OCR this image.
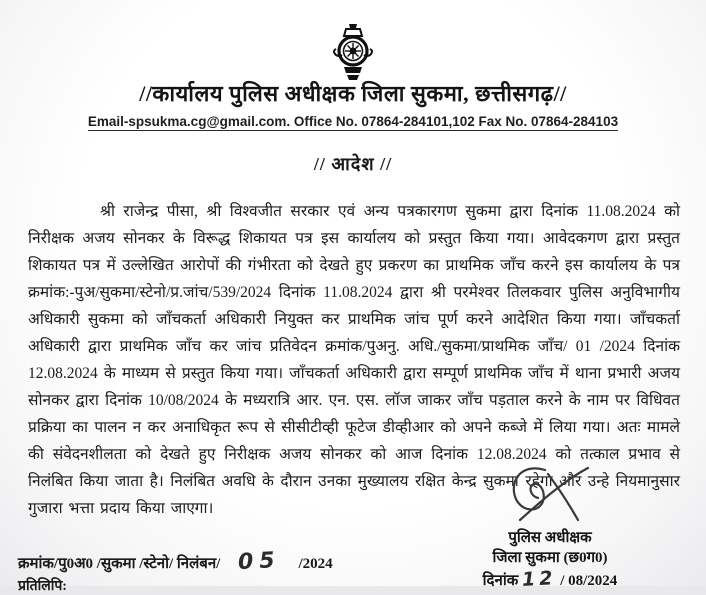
//कार्यालय पुलिस अधीक्षक जिला सुकमा, छत्तीसगढ़//
Email-spsukma.cg@gmail.com. Office No. 07864-284101,102 Fax No. 07864-284103
// आदेश //
श्री राजेन्द्र पीसा, श्री विश्वजीत सरकार एवं अन्य पत्रकारगण सुकमा द्वारा दिनांक 11.08.2024 को निरीक्षक अजय सोनकर के विरूद्ध शिकायत पत्र इस कार्यालय को प्रस्तुत किया गया। आवेदकगण द्वारा प्रस्तुत शिकायत पत्र में उल्लेखित आरोपों की गंभीरता को देखते हुए प्रकरण का प्राथमिक जाँच करने इस कार्यालय के पत्र क्रमांक:-पुअ/सुकमा/स्टेनो/प्र.जांच/539/2024 दिनांक 11.08.2024 द्वारा श्री परमेश्वर तिलकवार पुलिस अनुविभागीय अधिकारी सुकमा को जाँचकर्ता अधिकारी नियुक्त कर प्राथमिक जांच पूर्ण करने आदेशित किया गया। जाँचकर्ता अधिकारी द्वारा प्राथमिक जाँच कर जांच प्रतिवेदन क्रमांक/पुअनु. अधि./सुकमा/प्राथमिक जाँच/ 01 /2024 दिनांक 12.08.2024 के माध्यम से प्रस्तुत किया गया। जाँचकर्ता अधिकारी द्वारा सम्पूर्ण प्राथमिक जाँच में थाना प्रभारी अजय सोनकर द्वारा दिनांक 10/08/2024 के मध्यरात्रि आर. एन. एस. लॉज जाकर जाँच पड़ताल करने के नाम पर विधिवत प्रक्रिया का पालन न कर अनाधिकृत रूप से सीसीटीव्ही फूटेज डीव्हीआर को अपने कब्जे में लिया गया। अतः मामले की संवेदनशीलता को देखते हुए निरीक्षक अजय सोनकर को आज दिनांक 12.08.2024 को तत्काल प्रभाव से निलंबित किया जाता है। निलंबित अवधि के दौरान उनका मुख्यालय रक्षित केन्द्र सुकमा रहेगा और उन्हे नियमानुसार गुजारा भत्ता प्रदाय किया जाएगा।
पुलिस अधीक्षक
जिला सुकमा (छ0ग0)
दिनांक 12 / 08/2024
क्रमांक/पु0अ0 /सुकमा /स्टेनो/ निलंबन/ 05 /2024
प्रतिलिपि:
